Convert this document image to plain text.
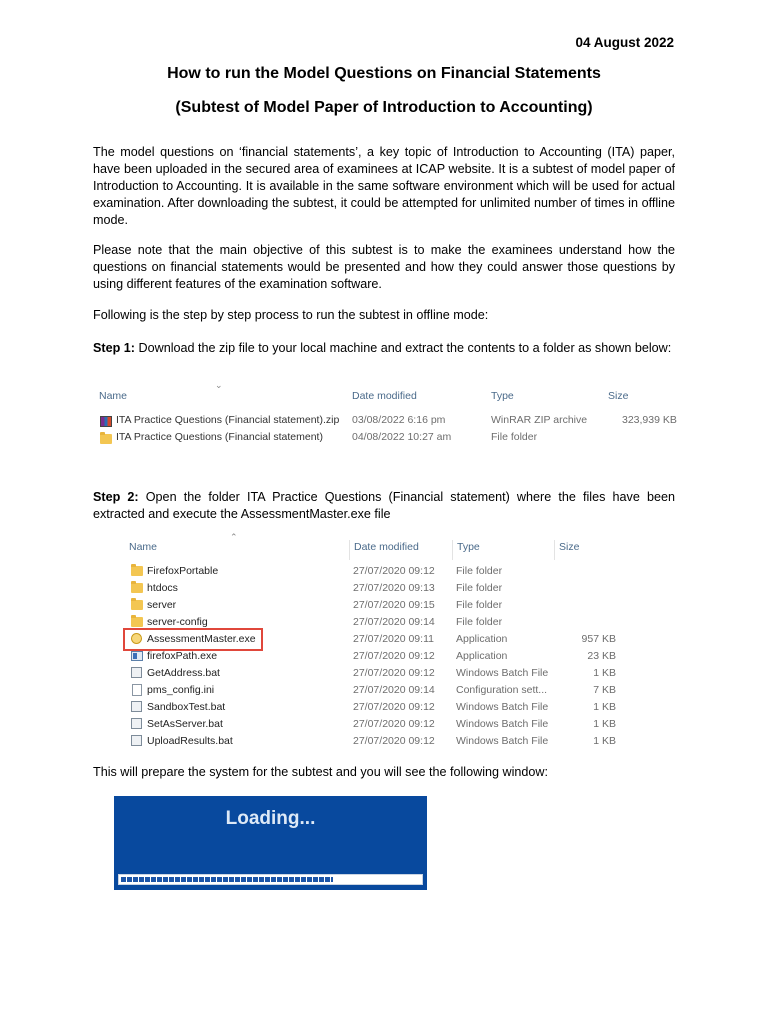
04 August 2022
How to run the Model Questions on Financial Statements
(Subtest of Model Paper of Introduction to Accounting)
The model questions on ‘financial statements’, a key topic of Introduction to Accounting (ITA) paper, have been uploaded in the secured area of examinees at ICAP website. It is a subtest of model paper of Introduction to Accounting. It is available in the same software environment which will be used for actual examination. After downloading the subtest, it could be attempted for unlimited number of times in offline mode.
Please note that the main objective of this subtest is to make the examinees understand how the questions on financial statements would be presented and how they could answer those questions by using different features of the examination software.
Following is the step by step process to run the subtest in offline mode:
Step 1: Download the zip file to your local machine and extract the contents to a folder as shown below:
⌄
Name	Date modified	Type	Size
ITA Practice Questions (Financial statement).zip 03/08/2022 6:16 pm	WinRAR ZIP archive	323,939 KB
ITA Practice Questions (Financial statement)	04/08/2022 10:27 am	File folder
Step 2: Open the folder ITA Practice Questions (Financial statement) where the files have been extracted and execute the AssessmentMaster.exe file
⌃
Name	Date modified	Type	Size
FirefoxPortable	27/07/2020 09:12 File folder
htdocs	27/07/2020 09:13 File folder
server	27/07/2020 09:15 File folder
server-config	27/07/2020 09:14 File folder
AssessmentMaster.exe	27/07/2020 09:11 Application	957 KB
firefoxPath.exe	27/07/2020 09:12 Application	23 KB
GetAddress.bat	27/07/2020 09:12 Windows Batch File	1 KB
pms_config.ini	27/07/2020 09:14 Configuration sett...	7 KB
SandboxTest.bat	27/07/2020 09:12 Windows Batch File	1 KB
SetAsServer.bat	27/07/2020 09:12 Windows Batch File	1 KB
UploadResults.bat	27/07/2020 09:12 Windows Batch File	1 KB
This will prepare the system for the subtest and you will see the following window:
Loading...
